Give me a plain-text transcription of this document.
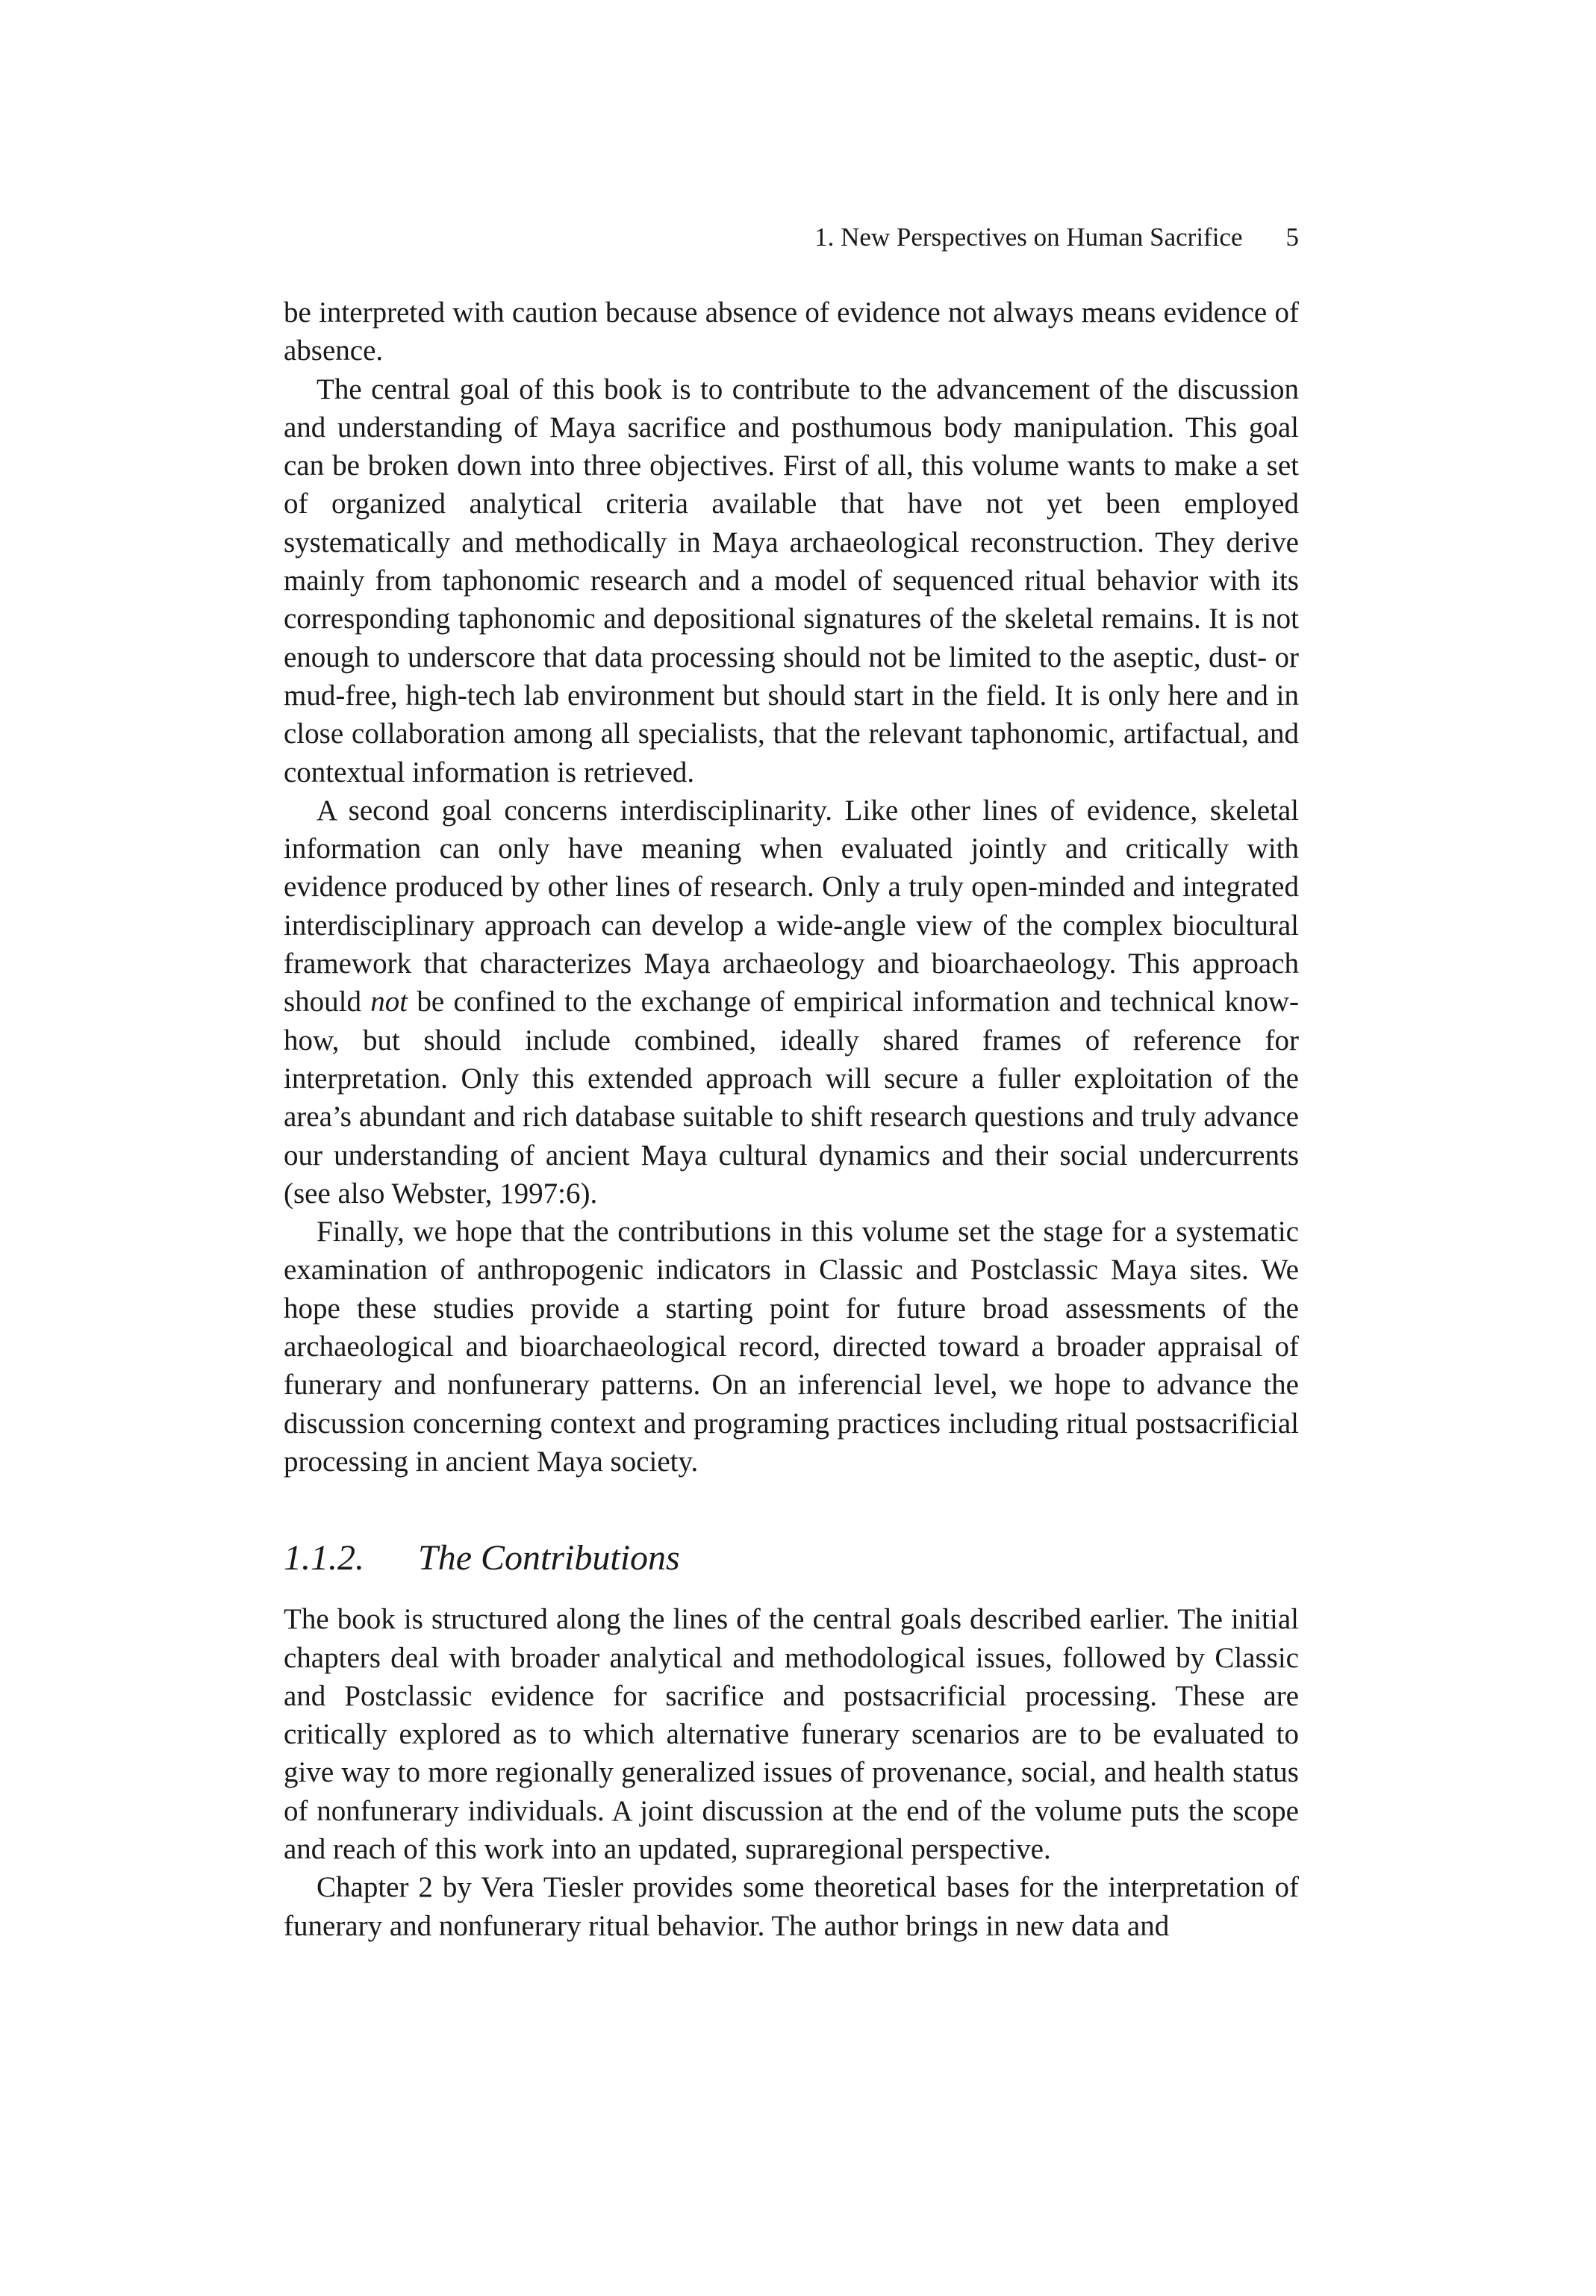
1. New Perspectives on Human Sacrifice 5

be interpreted with caution because absence of evidence not always means evidence of absence.

The central goal of this book is to contribute to the advancement of the discussion and understanding of Maya sacrifice and posthumous body manipulation. This goal can be broken down into three objectives. First of all, this volume wants to make a set of organized analytical criteria available that have not yet been employed systematically and methodically in Maya archaeological reconstruction. They derive mainly from taphonomic research and a model of sequenced ritual behavior with its corresponding taphonomic and depositional signatures of the skeletal remains. It is not enough to underscore that data processing should not be limited to the aseptic, dust- or mud-free, high-tech lab environment but should start in the field. It is only here and in close collaboration among all specialists, that the relevant taphonomic, artifactual, and contextual information is retrieved.

A second goal concerns interdisciplinarity. Like other lines of evidence, skeletal information can only have meaning when evaluated jointly and critically with evidence produced by other lines of research. Only a truly open-minded and integrated interdisciplinary approach can develop a wide-angle view of the complex biocultural framework that characterizes Maya archaeology and bioarchaeology. This approach should not be confined to the exchange of empirical information and technical know-how, but should include combined, ideally shared frames of reference for interpretation. Only this extended approach will secure a fuller exploitation of the area’s abundant and rich database suitable to shift research questions and truly advance our understanding of ancient Maya cultural dynamics and their social undercurrents (see also Webster, 1997:6).

Finally, we hope that the contributions in this volume set the stage for a systematic examination of anthropogenic indicators in Classic and Postclassic Maya sites. We hope these studies provide a starting point for future broad assessments of the archaeological and bioarchaeological record, directed toward a broader appraisal of funerary and nonfunerary patterns. On an inferencial level, we hope to advance the discussion concerning context and programing practices including ritual postsacrificial processing in ancient Maya society.

1.1.2. The Contributions

The book is structured along the lines of the central goals described earlier. The initial chapters deal with broader analytical and methodological issues, followed by Classic and Postclassic evidence for sacrifice and postsacrificial processing. These are critically explored as to which alternative funerary scenarios are to be evaluated to give way to more regionally generalized issues of provenance, social, and health status of nonfunerary individuals. A joint discussion at the end of the volume puts the scope and reach of this work into an updated, supraregional perspective.

Chapter 2 by Vera Tiesler provides some theoretical bases for the interpretation of funerary and nonfunerary ritual behavior. The author brings in new data and
